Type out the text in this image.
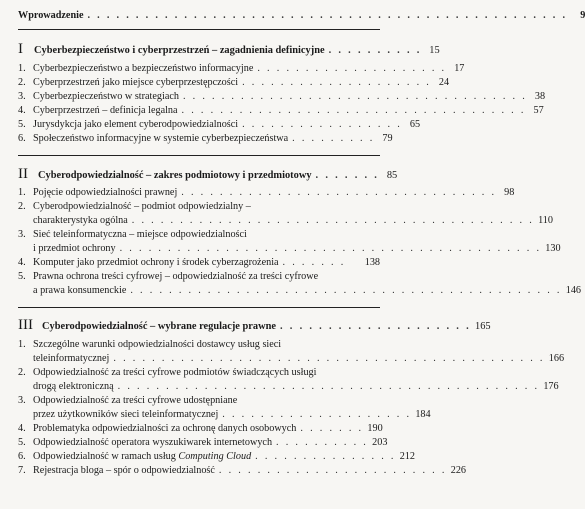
Wprowadzenie . . . . . . . . . . . . . . . . . . . . . . . . . . . . . . . . . . . . . . . . . . . . . . . . . .	9
I	Cyberbezpieczeństwo i cyberprzestrzeń – zagadnienia definicyjne . . . . . . . . . . 15
1. Cyberbezpieczeństwo a bezpieczeństwo informacyjne . . . . . . . . . . . . . . . . . . . . 17
2. Cyberprzestrzeń jako miejsce cyberprzestępczości . . . . . . . . . . . . . . . . . . . . 24
3. Cyberbezpieczeństwo w strategiach . . . . . . . . . . . . . . . . . . . . . . . . . . . . . . . . . . . . 38
4. Cyberprzestrzeń – definicja legalna . . . . . . . . . . . . . . . . . . . . . . . . . . . . . . . . . . . . 57
5. Jurysdykcja jako element cyberodpowiedzialności . . . . . . . . . . . . . . . . . 65
6. Społeczeństwo informacyjne w systemie cyberbezpieczeństwa . . . . . . . . . 79
II Cyberodpowiedzialność – zakres podmiotowy i przedmiotowy . . . . . . . 85
1. Pojęcie odpowiedzialności prawnej . . . . . . . . . . . . . . . . . . . . . . . . . . . . . . . . . 98
2. Cyberodpowiedzialność – podmiot odpowiedzialny –
charakterystyka ogólna . . . . . . . . . . . . . . . . . . . . . . . . . . . . . . . . . . . . . . . . . . 110
3. Sieć teleinformatyczna – miejsce odpowiedzialności
i przedmiot ochrony . . . . . . . . . . . . . . . . . . . . . . . . . . . . . . . . . . . . . . . . . . . . 130
4. Komputer jako przedmiot ochrony i środek cyberzagrożenia . . . . . . .	138
5. Prawna ochrona treści cyfrowej – odpowiedzialność za treści cyfrowe
a prawa konsumenckie . . . . . . . . . . . . . . . . . . . . . . . . . . . . . . . . . . . . . . . . . . . . . 146
III Cyberodpowiedzialność – wybrane regulacje prawne . . . . . . . . . . . . . . . . . . . . 165
1. Szczególne warunki odpowiedzialności dostawcy usług sieci
teleinformatycznej . . . . . . . . . . . . . . . . . . . . . . . . . . . . . . . . . . . . . . . . . . . . . 166
2. Odpowiedzialność za treści cyfrowe podmiotów świadczących usługi
drogą elektroniczną . . . . . . . . . . . . . . . . . . . . . . . . . . . . . . . . . . . . . . . . . . . . 176
3. Odpowiedzialność za treści cyfrowe udostępniane
przez użytkowników sieci teleinformatycznej . . . . . . . . . . . . . . . . . . . . 184
4. Problematyka odpowiedzialności za ochronę danych osobowych . . . . . . . 190
5. Odpowiedzialność operatora wyszukiwarek internetowych . . . . . . . . . . 203
6. Odpowiedzialność w ramach usług Computing Cloud . . . . . . . . . . . . . . . 212
7. Rejestracja bloga – spór o odpowiedzialność . . . . . . . . . . . . . . . . . . . . . . . . 226
